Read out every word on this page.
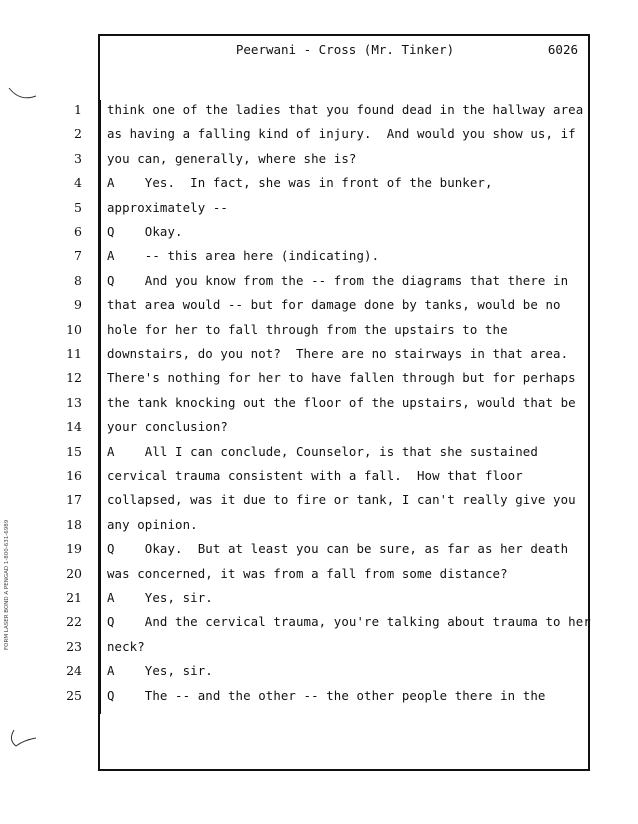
Peerwani - Cross (Mr. Tinker)	6026
1 think one of the ladies that you found dead in the hallway area
2 as having a falling kind of injury.  And would you show us, if
3 you can, generally, where she is?
4 A    Yes.  In fact, she was in front of the bunker,
5 approximately --
6 Q    Okay.
7 A    -- this area here (indicating).
8 Q    And you know from the -- from the diagrams that there in
9 that area would -- but for damage done by tanks, would be no
10 hole for her to fall through from the upstairs to the
11 downstairs, do you not?  There are no stairways in that area.
12 There's nothing for her to have fallen through but for perhaps
13 the tank knocking out the floor of the upstairs, would that be
14 your conclusion?
15 A    All I can conclude, Counselor, is that she sustained
16 cervical trauma consistent with a fall.  How that floor
17 collapsed, was it due to fire or tank, I can't really give you
18 any opinion.
19 Q    Okay.  But at least you can be sure, as far as her death
20 was concerned, it was from a fall from some distance?
21 A    Yes, sir.
22 Q    And the cervical trauma, you're talking about trauma to her
23 neck?
24 A    Yes, sir.
25 Q    The -- and the other -- the other people there in the
FORM LASER BOND A PENGAD 1-800-631-6989
